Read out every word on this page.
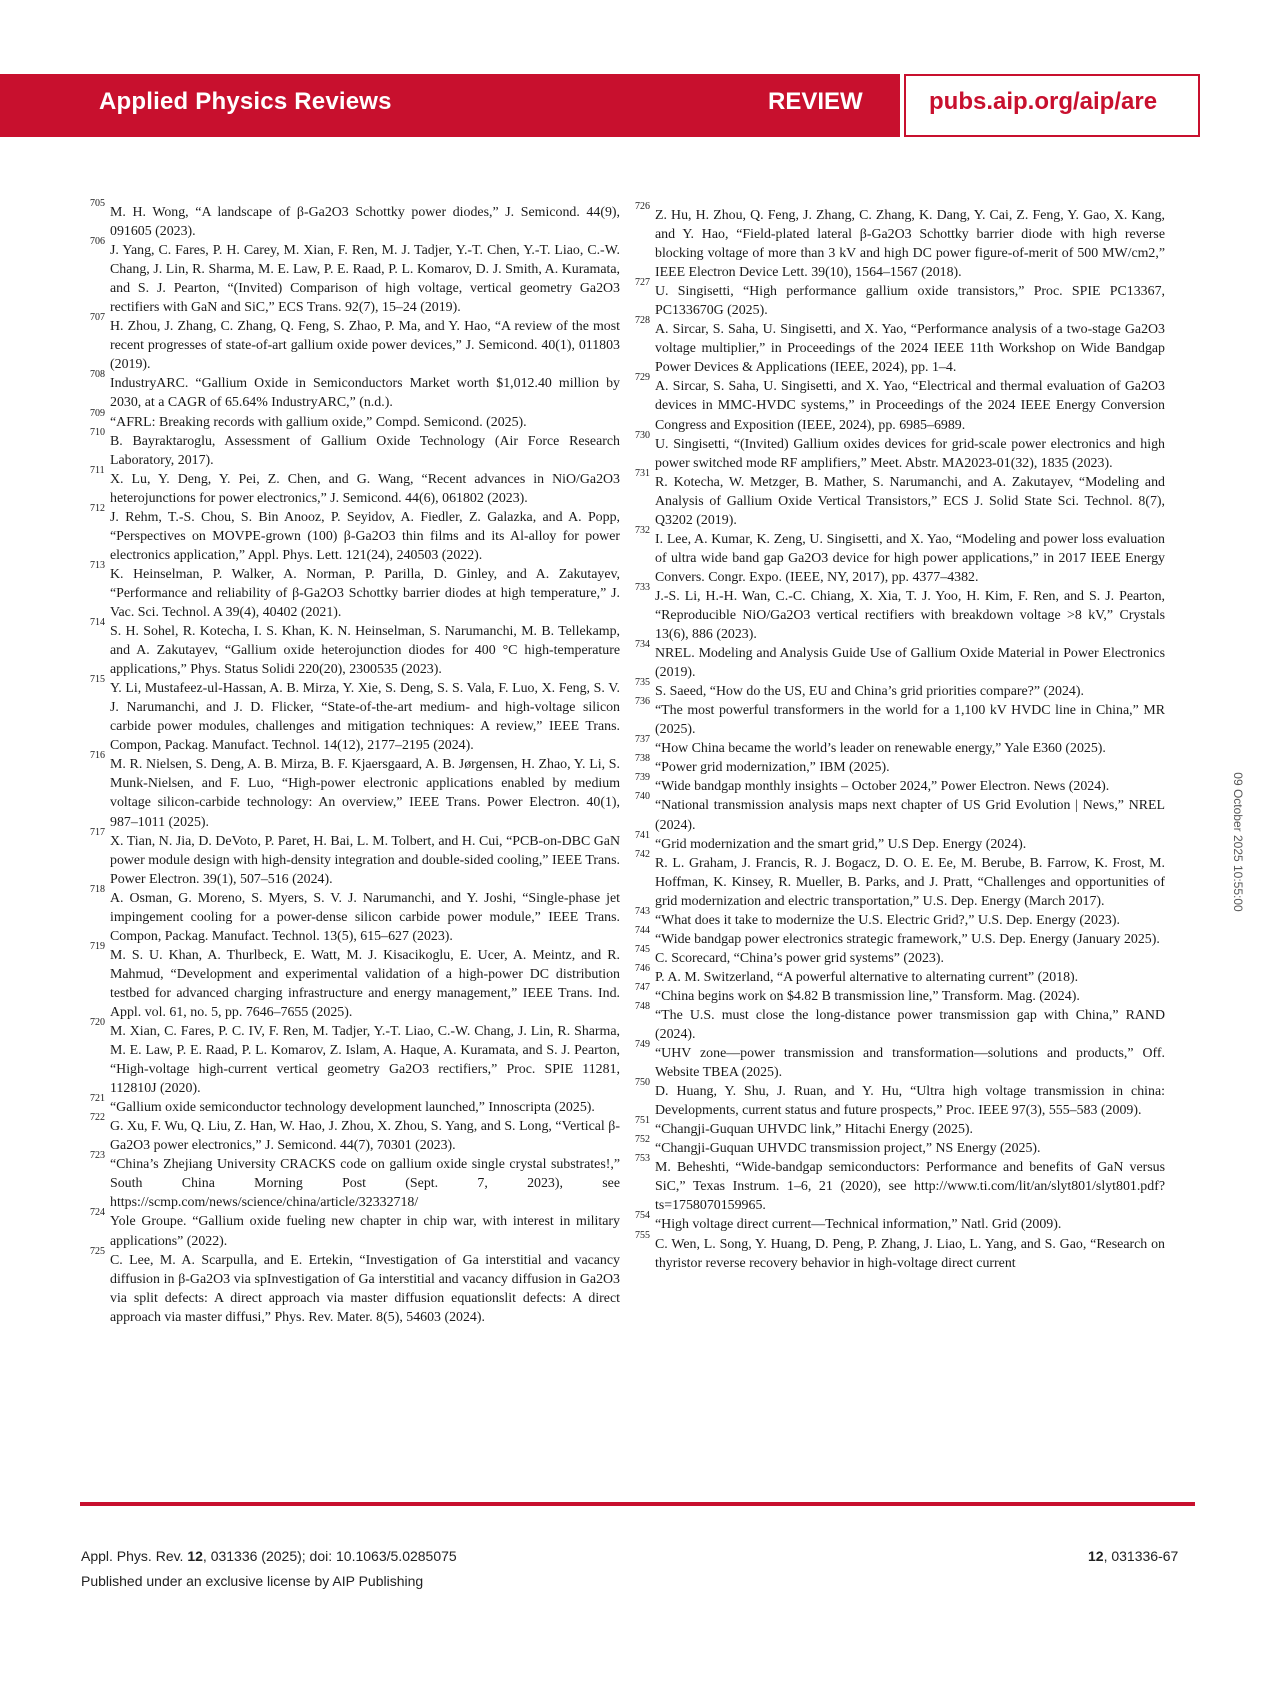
Applied Physics Reviews	REVIEW	pubs.aip.org/aip/are

705
M. H. Wong, “A landscape of β-Ga2O3 Schottky power diodes,” J. Semicond. 44(9), 091605 (2023).

706
J. Yang, C. Fares, P. H. Carey, M. Xian, F. Ren, M. J. Tadjer, Y.-T. Chen, Y.-T. Liao, C.-W. Chang, J. Lin, R. Sharma, M. E. Law, P. E. Raad, P. L. Komarov, D. J. Smith, A. Kuramata, and S. J. Pearton, “(Invited) Comparison of high voltage, vertical geometry Ga2O3 rectifiers with GaN and SiC,” ECS Trans. 92(7), 15–24 (2019).

707
H. Zhou, J. Zhang, C. Zhang, Q. Feng, S. Zhao, P. Ma, and Y. Hao, “A review of the most recent progresses of state-of-art gallium oxide power devices,” J. Semicond. 40(1), 011803 (2019).

708
IndustryARC. “Gallium Oxide in Semiconductors Market worth $1,012.40 million by 2030, at a CAGR of 65.64% IndustryARC,” (n.d.).

709
“AFRL: Breaking records with gallium oxide,” Compd. Semicond. (2025).

710
B. Bayraktaroglu, Assessment of Gallium Oxide Technology (Air Force Research Laboratory, 2017).

711
X. Lu, Y. Deng, Y. Pei, Z. Chen, and G. Wang, “Recent advances in NiO/Ga2O3 heterojunctions for power electronics,” J. Semicond. 44(6), 061802 (2023).

712
J. Rehm, T.-S. Chou, S. Bin Anooz, P. Seyidov, A. Fiedler, Z. Galazka, and A. Popp, “Perspectives on MOVPE-grown (100) β-Ga2O3 thin films and its Al-alloy for power electronics application,” Appl. Phys. Lett. 121(24), 240503 (2022).

713
K. Heinselman, P. Walker, A. Norman, P. Parilla, D. Ginley, and A. Zakutayev, “Performance and reliability of β-Ga2O3 Schottky barrier diodes at high temperature,” J. Vac. Sci. Technol. A 39(4), 40402 (2021).

714
S. H. Sohel, R. Kotecha, I. S. Khan, K. N. Heinselman, S. Narumanchi, M. B. Tellekamp, and A. Zakutayev, “Gallium oxide heterojunction diodes for 400 °C high-temperature applications,” Phys. Status Solidi 220(20), 2300535 (2023).

715
Y. Li, Mustafeez-ul-Hassan, A. B. Mirza, Y. Xie, S. Deng, S. S. Vala, F. Luo, X. Feng, S. V. J. Narumanchi, and J. D. Flicker, “State-of-the-art medium- and high-voltage silicon carbide power modules, challenges and mitigation techniques: A review,” IEEE Trans. Compon, Packag. Manufact. Technol. 14(12), 2177–2195 (2024).

716
M. R. Nielsen, S. Deng, A. B. Mirza, B. F. Kjaersgaard, A. B. Jørgensen, H. Zhao, Y. Li, S. Munk-Nielsen, and F. Luo, “High-power electronic applications enabled by medium voltage silicon-carbide technology: An overview,” IEEE Trans. Power Electron. 40(1), 987–1011 (2025).

717
X. Tian, N. Jia, D. DeVoto, P. Paret, H. Bai, L. M. Tolbert, and H. Cui, “PCB-on-DBC GaN power module design with high-density integration and double-sided cooling,” IEEE Trans. Power Electron. 39(1), 507–516 (2024).

718
A. Osman, G. Moreno, S. Myers, S. V. J. Narumanchi, and Y. Joshi, “Single-phase jet impingement cooling for a power-dense silicon carbide power module,” IEEE Trans. Compon, Packag. Manufact. Technol. 13(5), 615–627 (2023).

719
M. S. U. Khan, A. Thurlbeck, E. Watt, M. J. Kisacikoglu, E. Ucer, A. Meintz, and R. Mahmud, “Development and experimental validation of a high-power DC distribution testbed for advanced charging infrastructure and energy management,” IEEE Trans. Ind. Appl. vol. 61, no. 5, pp. 7646–7655 (2025).

720
M. Xian, C. Fares, P. C. IV, F. Ren, M. Tadjer, Y.-T. Liao, C.-W. Chang, J. Lin, R. Sharma, M. E. Law, P. E. Raad, P. L. Komarov, Z. Islam, A. Haque, A. Kuramata, and S. J. Pearton, “High-voltage high-current vertical geometry Ga2O3 rectifiers,” Proc. SPIE 11281, 112810J (2020).

721
“Gallium oxide semiconductor technology development launched,” Innoscripta (2025).

722
G. Xu, F. Wu, Q. Liu, Z. Han, W. Hao, J. Zhou, X. Zhou, S. Yang, and S. Long, “Vertical β-Ga2O3 power electronics,” J. Semicond. 44(7), 70301 (2023).

723
“China’s Zhejiang University CRACKS code on gallium oxide single crystal substrates!,” South China Morning Post (Sept. 7, 2023), see https://scmp.com/news/science/china/article/32332718/

724
Yole Groupe. “Gallium oxide fueling new chapter in chip war, with interest in military applications” (2022).

725
C. Lee, M. A. Scarpulla, and E. Ertekin, “Investigation of Ga interstitial and vacancy diffusion in β-Ga2O3 via spInvestigation of Ga interstitial and vacancy diffusion in Ga2O3 via split defects: A direct approach via master diffusion equationslit defects: A direct approach via master diffusi,” Phys. Rev. Mater. 8(5), 54603 (2024).

726
Z. Hu, H. Zhou, Q. Feng, J. Zhang, C. Zhang, K. Dang, Y. Cai, Z. Feng, Y. Gao, X. Kang, and Y. Hao, “Field-plated lateral β-Ga2O3 Schottky barrier diode with high reverse blocking voltage of more than 3 kV and high DC power figure-of-merit of 500 MW/cm2,” IEEE Electron Device Lett. 39(10), 1564–1567 (2018).

727
U. Singisetti, “High performance gallium oxide transistors,” Proc. SPIE PC13367, PC133670G (2025).

728
A. Sircar, S. Saha, U. Singisetti, and X. Yao, “Performance analysis of a two-stage Ga2O3 voltage multiplier,” in Proceedings of the 2024 IEEE 11th Workshop on Wide Bandgap Power Devices & Applications (IEEE, 2024), pp. 1–4.

729
A. Sircar, S. Saha, U. Singisetti, and X. Yao, “Electrical and thermal evaluation of Ga2O3 devices in MMC-HVDC systems,” in Proceedings of the 2024 IEEE Energy Conversion Congress and Exposition (IEEE, 2024), pp. 6985–6989.

730
U. Singisetti, “(Invited) Gallium oxides devices for grid-scale power electronics and high power switched mode RF amplifiers,” Meet. Abstr. MA2023-01(32), 1835 (2023).

731
R. Kotecha, W. Metzger, B. Mather, S. Narumanchi, and A. Zakutayev, “Modeling and Analysis of Gallium Oxide Vertical Transistors,” ECS J. Solid State Sci. Technol. 8(7), Q3202 (2019).

732
I. Lee, A. Kumar, K. Zeng, U. Singisetti, and X. Yao, “Modeling and power loss evaluation of ultra wide band gap Ga2O3 device for high power applications,” in 2017 IEEE Energy Convers. Congr. Expo. (IEEE, NY, 2017), pp. 4377–4382.

733
J.-S. Li, H.-H. Wan, C.-C. Chiang, X. Xia, T. J. Yoo, H. Kim, F. Ren, and S. J. Pearton, “Reproducible NiO/Ga2O3 vertical rectifiers with breakdown voltage >8 kV,” Crystals 13(6), 886 (2023).

734
NREL. Modeling and Analysis Guide Use of Gallium Oxide Material in Power Electronics (2019).

735
S. Saeed, “How do the US, EU and China’s grid priorities compare?” (2024).

736
“The most powerful transformers in the world for a 1,100 kV HVDC line in China,” MR (2025).

737
“How China became the world’s leader on renewable energy,” Yale E360 (2025).

738
“Power grid modernization,” IBM (2025).

739
“Wide bandgap monthly insights – October 2024,” Power Electron. News (2024).

740
“National transmission analysis maps next chapter of US Grid Evolution | News,” NREL (2024).

741
“Grid modernization and the smart grid,” U.S Dep. Energy (2024).

742
R. L. Graham, J. Francis, R. J. Bogacz, D. O. E. Ee, M. Berube, B. Farrow, K. Frost, M. Hoffman, K. Kinsey, R. Mueller, B. Parks, and J. Pratt, “Challenges and opportunities of grid modernization and electric transportation,” U.S. Dep. Energy (March 2017).

743
“What does it take to modernize the U.S. Electric Grid?,” U.S. Dep. Energy (2023).

744
“Wide bandgap power electronics strategic framework,” U.S. Dep. Energy (January 2025).

745
C. Scorecard, “China’s power grid systems” (2023).

746
P. A. M. Switzerland, “A powerful alternative to alternating current” (2018).

747
“China begins work on $4.82 B transmission line,” Transform. Mag. (2024).

748
“The U.S. must close the long-distance power transmission gap with China,” RAND (2024).

749
“UHV zone—power transmission and transformation—solutions and products,” Off. Website TBEA (2025).

750
D. Huang, Y. Shu, J. Ruan, and Y. Hu, “Ultra high voltage transmission in china: Developments, current status and future prospects,” Proc. IEEE 97(3), 555–583 (2009).

751
“Changji-Guquan UHVDC link,” Hitachi Energy (2025).

752
“Changji-Guquan UHVDC transmission project,” NS Energy (2025).

753
M. Beheshti, “Wide-bandgap semiconductors: Performance and benefits of GaN versus SiC,” Texas Instrum. 1–6, 21 (2020), see http://www.ti.com/lit/an/slyt801/slyt801.pdf?ts=1758070159965.

754
“High voltage direct current—Technical information,” Natl. Grid (2009).

755
C. Wen, L. Song, Y. Huang, D. Peng, P. Zhang, J. Liao, L. Yang, and S. Gao, “Research on thyristor reverse recovery behavior in high-voltage direct current

09 October 2025 10:55:00
Appl. Phys. Rev. 12, 031336 (2025); doi: 10.1063/5.0285075	12, 031336-67
Published under an exclusive license by AIP Publishing
